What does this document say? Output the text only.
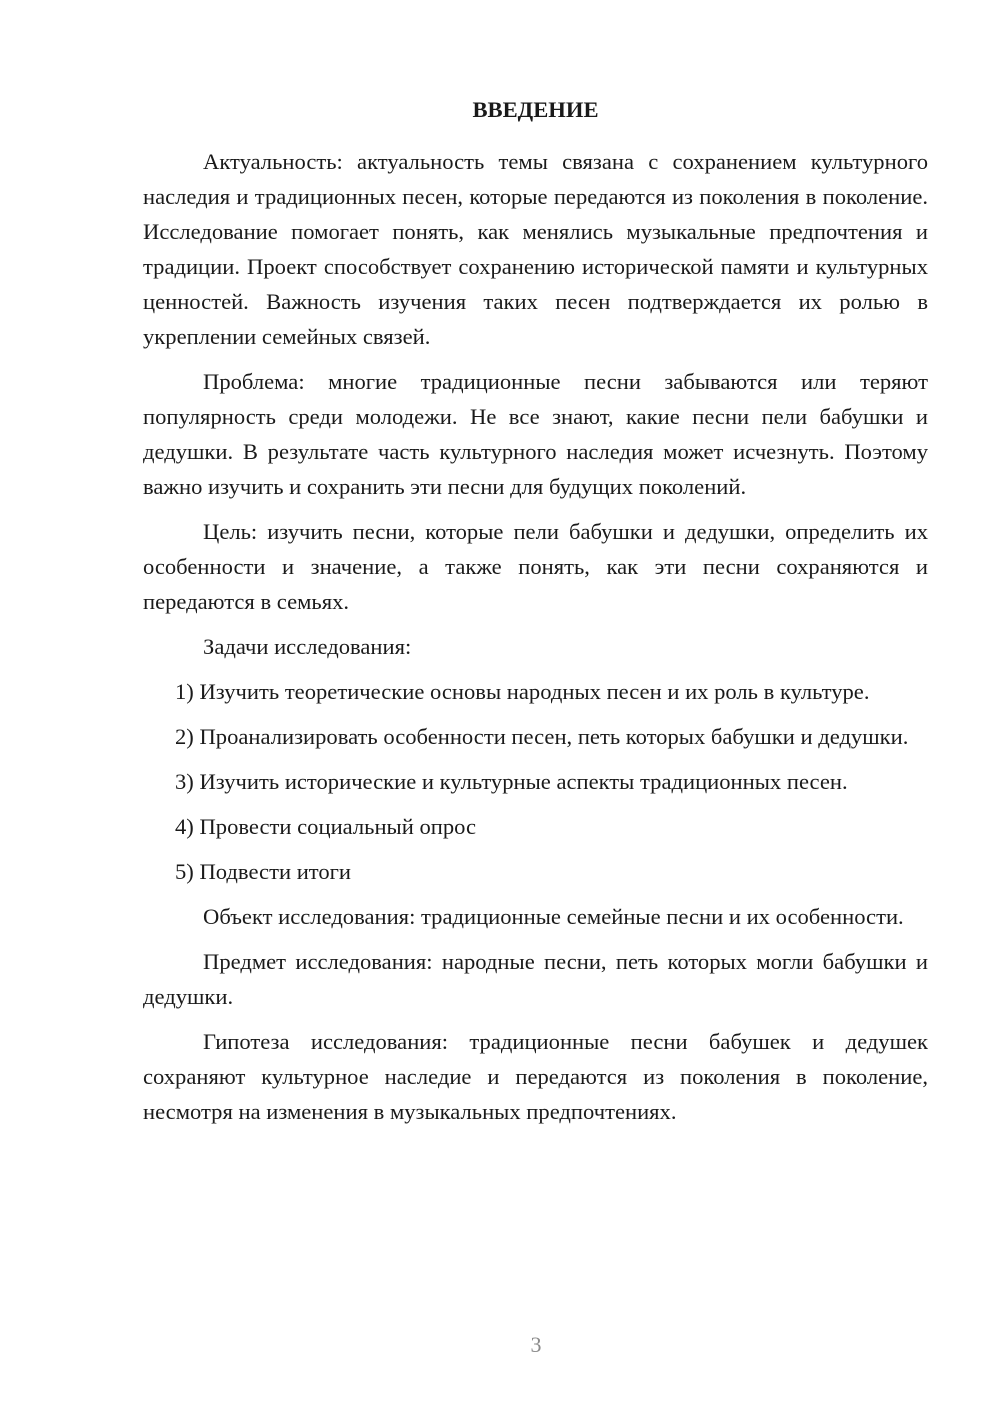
ВВЕДЕНИЕ

Актуальность: актуальность темы связана с сохранением культурного наследия и традиционных песен, которые передаются из поколения в поколение. Исследование помогает понять, как менялись музыкальные предпочтения и традиции. Проект способствует сохранению исторической памяти и культурных ценностей. Важность изучения таких песен подтверждается их ролью в укреплении семейных связей.

Проблема: многие традиционные песни забываются или теряют популярность среди молодежи. Не все знают, какие песни пели бабушки и дедушки. В результате часть культурного наследия может исчезнуть. Поэтому важно изучить и сохранить эти песни для будущих поколений.

Цель: изучить песни, которые пели бабушки и дедушки, определить их особенности и значение, а также понять, как эти песни сохраняются и передаются в семьях.

Задачи исследования:

1) Изучить теоретические основы народных песен и их роль в культуре.

2) Проанализировать особенности песен, петь которых бабушки и дедушки.

3) Изучить исторические и культурные аспекты традиционных песен.

4) Провести социальный опрос

5) Подвести итоги

Объект исследования: традиционные семейные песни и их особенности.

Предмет исследования: народные песни, петь которых могли бабушки и дедушки.

Гипотеза исследования: традиционные песни бабушек и дедушек сохраняют культурное наследие и передаются из поколения в поколение, несмотря на изменения в музыкальных предпочтениях.

3
